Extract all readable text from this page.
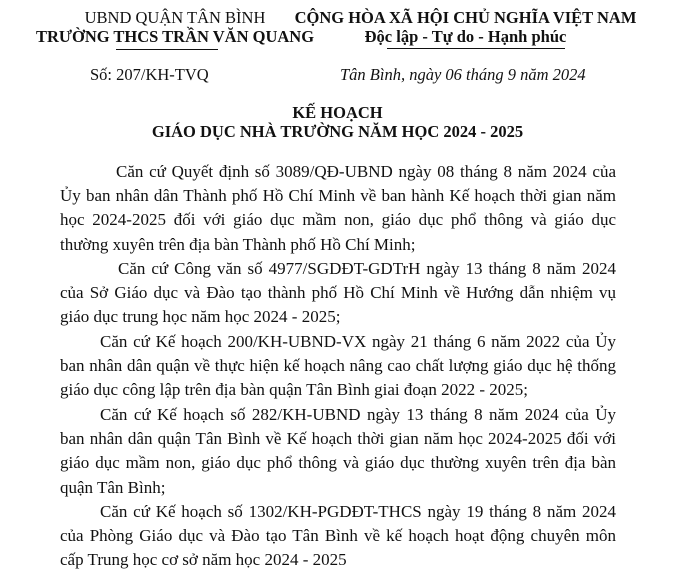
UBND QUẬN TÂN BÌNH
TRƯỜNG THCS TRẦN VĂN QUANG
Số: 207/KH-TVQ
CỘNG HÒA XÃ HỘI CHỦ NGHĨA VIỆT NAM
Độc lập - Tự do - Hạnh phúc
Tân Bình, ngày 06 tháng 9 năm 2024
KẾ HOẠCH
GIÁO DỤC NHÀ TRƯỜNG NĂM HỌC 2024 - 2025
Căn cứ Quyết định số 3089/QĐ-UBND ngày 08 tháng 8 năm 2024 của
Ủy ban nhân dân Thành phố Hồ Chí Minh về ban hành Kế hoạch thời gian năm
học 2024-2025 đối với giáo dục mầm non, giáo dục phổ thông và giáo dục
thường xuyên trên địa bàn Thành phố Hồ Chí Minh;
Căn cứ Công văn số 4977/SGDĐT-GDTrH ngày 13 tháng 8 năm 2024
của Sở Giáo dục và Đào tạo thành phố Hồ Chí Minh về Hướng dẫn nhiệm vụ
giáo dục trung học năm học 2024 - 2025;
Căn cứ Kế hoạch 200/KH-UBND-VX ngày 21 tháng 6 năm 2022 của Ủy
ban nhân dân quận về thực hiện kế hoạch nâng cao chất lượng giáo dục hệ thống
giáo dục công lập trên địa bàn quận Tân Bình giai đoạn 2022 - 2025;
Căn cứ Kế hoạch số 282/KH-UBND ngày 13 tháng 8 năm 2024 của Ủy
ban nhân dân quận Tân Bình về Kế hoạch thời gian năm học 2024-2025 đối với
giáo dục mầm non, giáo dục phổ thông và giáo dục thường xuyên trên địa bàn
quận Tân Bình;
Căn cứ Kế hoạch số 1302/KH-PGDĐT-THCS ngày 19 tháng 8 năm 2024
của Phòng Giáo dục và Đào tạo Tân Bình về kế hoạch hoạt động chuyên môn
cấp Trung học cơ sở năm học 2024 - 2025
